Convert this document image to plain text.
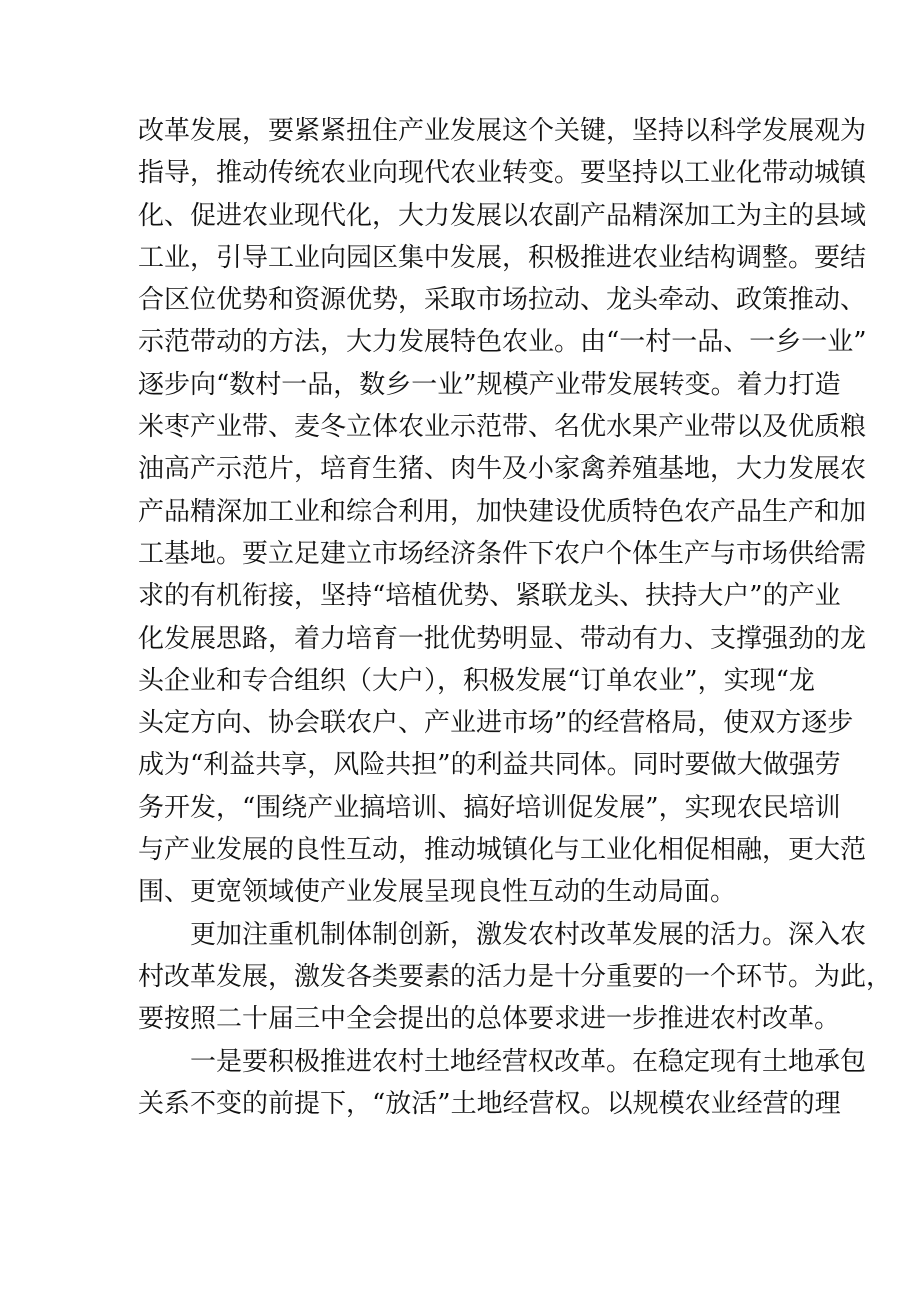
改革发展，要紧紧扭住产业发展这个关键，坚持以科学发展观为
指导，推动传统农业向现代农业转变。要坚持以工业化带动城镇
化、促进农业现代化，大力发展以农副产品精深加工为主的县域
工业，引导工业向园区集中发展，积极推进农业结构调整。要结
合区位优势和资源优势，采取市场拉动、龙头牵动、政策推动、
示范带动的方法，大力发展特色农业。由“一村一品、一乡一业”
逐步向“数村一品，数乡一业”规模产业带发展转变。着力打造
米枣产业带、麦冬立体农业示范带、名优水果产业带以及优质粮
油高产示范片，培育生猪、肉牛及小家禽养殖基地，大力发展农
产品精深加工业和综合利用，加快建设优质特色农产品生产和加
工基地。要立足建立市场经济条件下农户个体生产与市场供给需
求的有机衔接，坚持“培植优势、紧联龙头、扶持大户”的产业
化发展思路，着力培育一批优势明显、带动有力、支撑强劲的龙
头企业和专合组织（大户），积极发展“订单农业”，实现“龙
头定方向、协会联农户、产业进市场”的经营格局，使双方逐步
成为“利益共享，风险共担”的利益共同体。同时要做大做强劳
务开发，“围绕产业搞培训、搞好培训促发展”，实现农民培训
与产业发展的良性互动，推动城镇化与工业化相促相融，更大范
围、更宽领域使产业发展呈现良性互动的生动局面。
更加注重机制体制创新，激发农村改革发展的活力。深入农
村改革发展，激发各类要素的活力是十分重要的一个环节。为此，
要按照二十届三中全会提出的总体要求进一步推进农村改革。
一是要积极推进农村土地经营权改革。在稳定现有土地承包
关系不变的前提下，“放活”土地经营权。以规模农业经营的理
